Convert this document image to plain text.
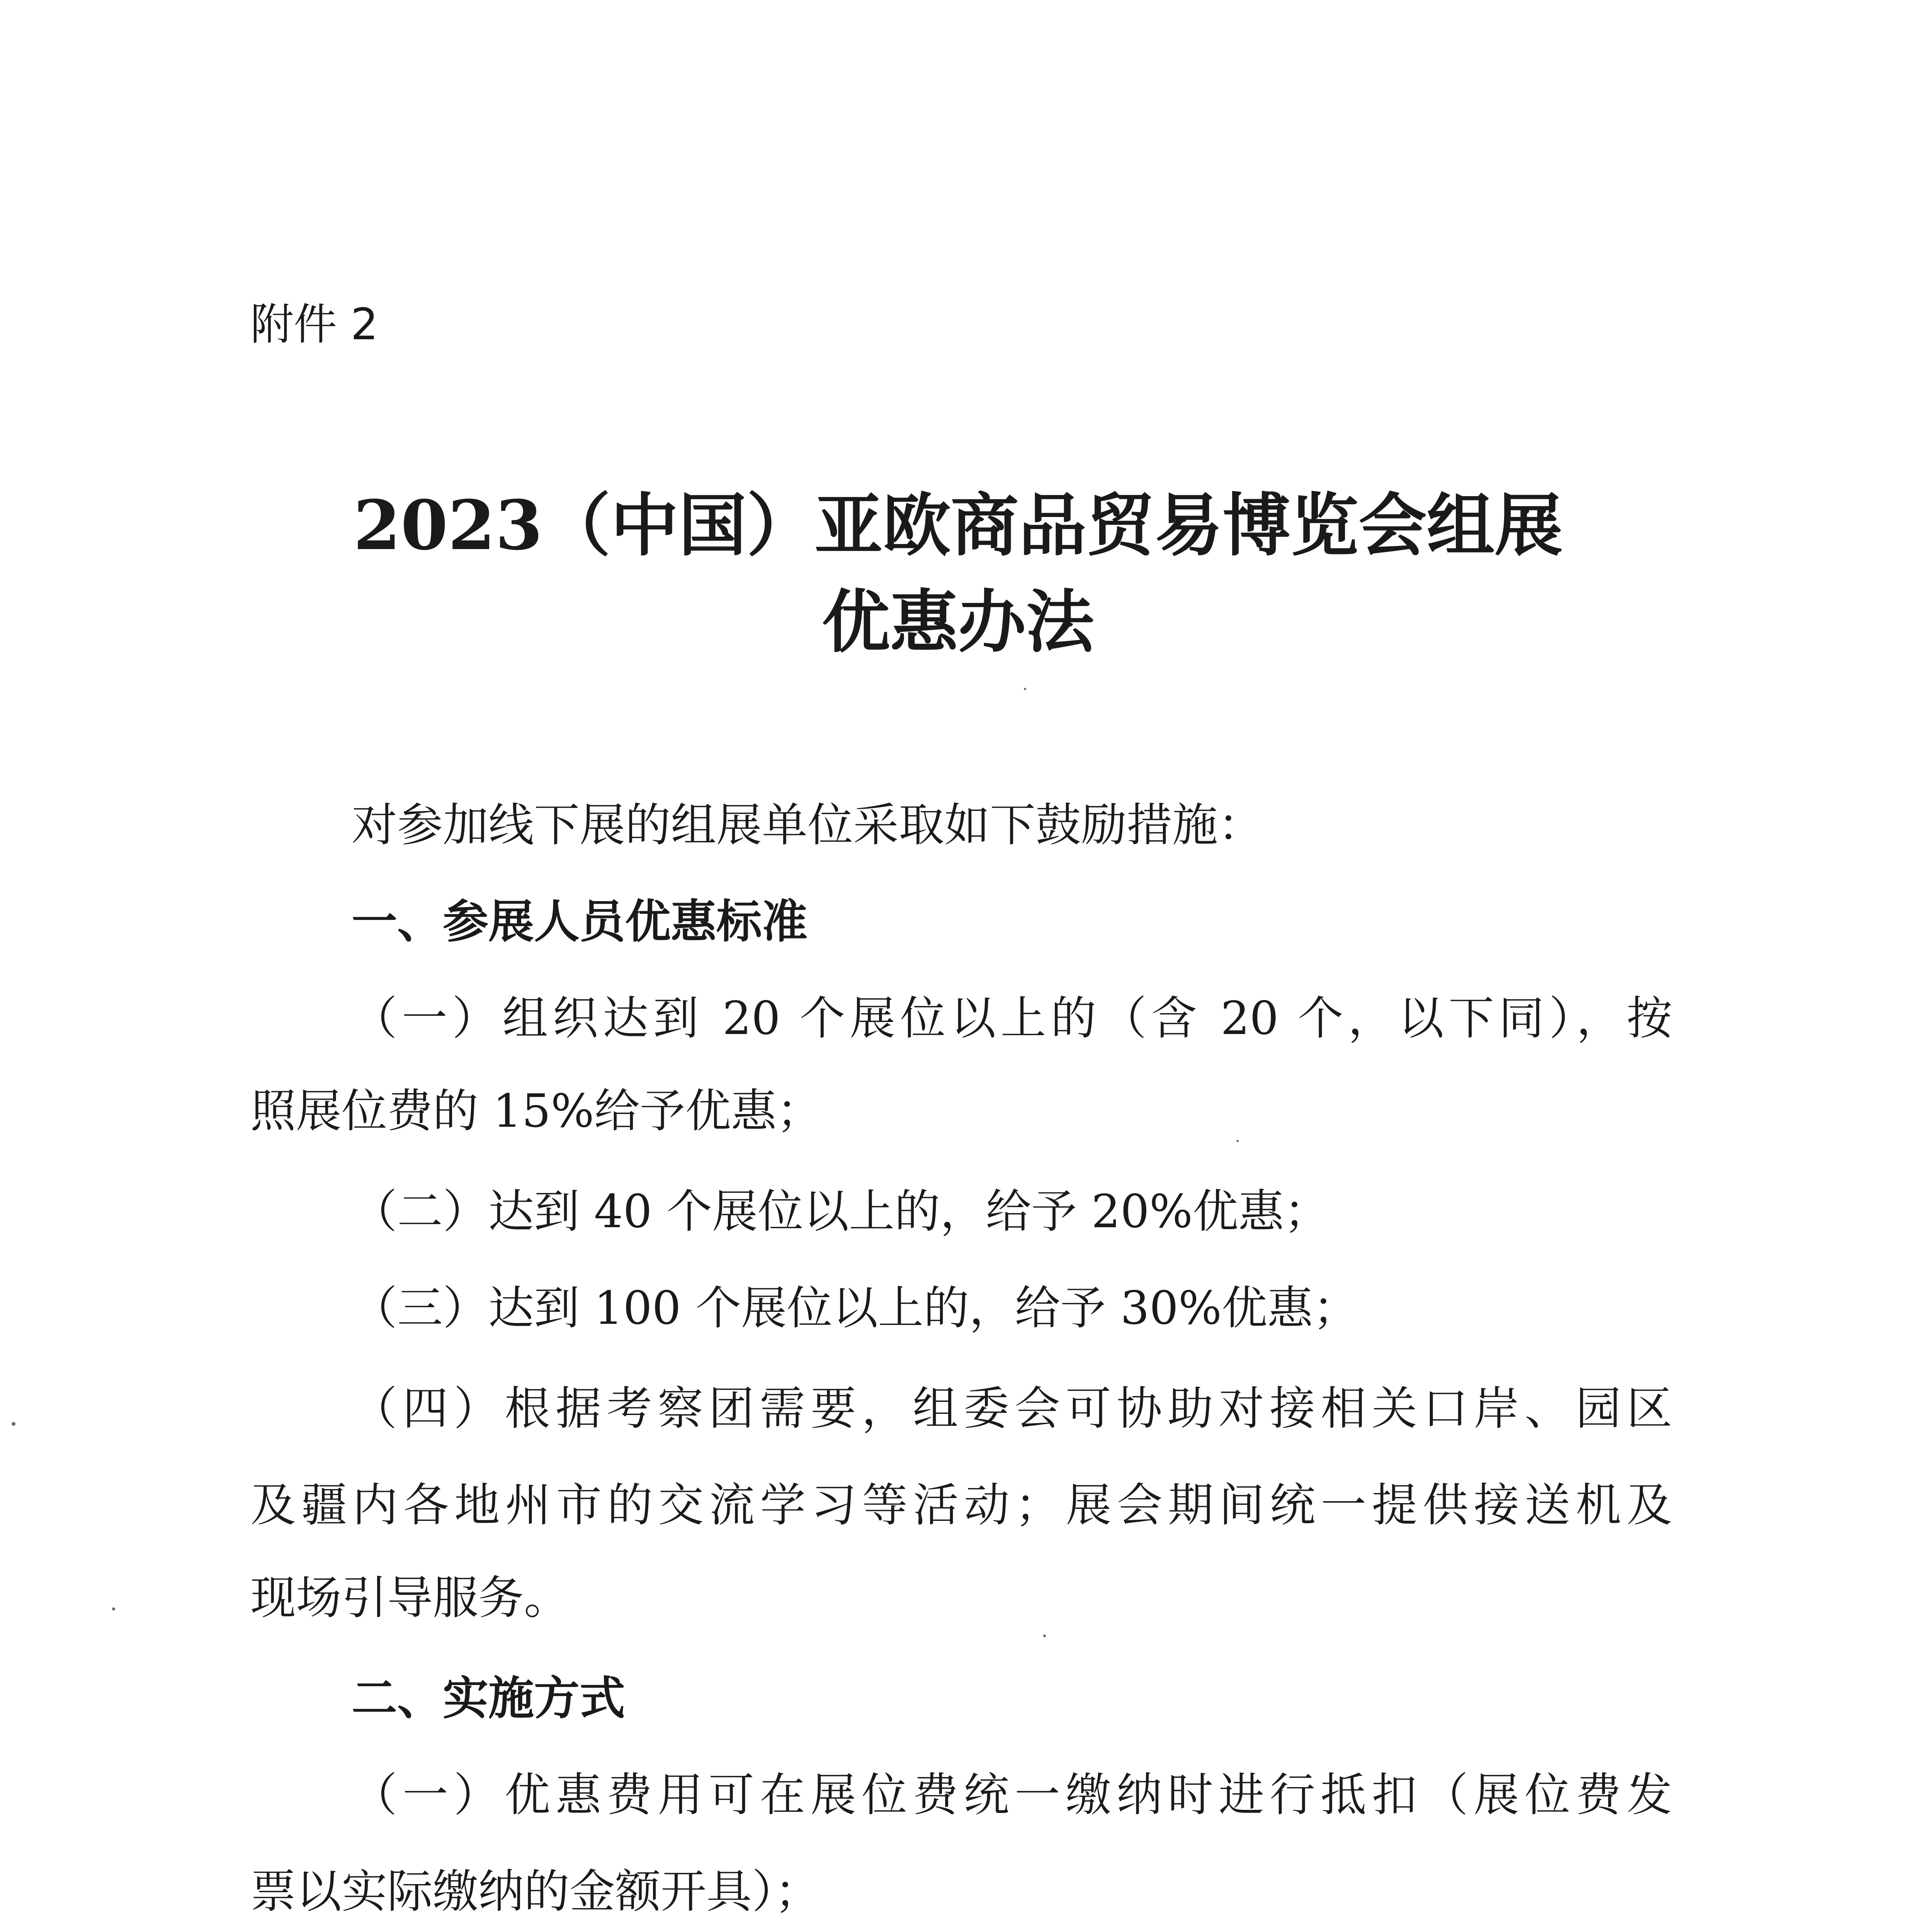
附件 2

2023（中国）亚欧商品贸易博览会组展
优惠办法

对参加线下展的组展单位采取如下鼓励措施：

一、参展人员优惠标准

（一）组织达到 20 个展位以上的（含 20 个，以下同），按

照展位费的 15%给予优惠；

（二）达到 40 个展位以上的，给予 20%优惠；

（三）达到 100 个展位以上的，给予 30%优惠；

（四）根据考察团需要，组委会可协助对接相关口岸、园区

及疆内各地州市的交流学习等活动；展会期间统一提供接送机及

现场引导服务。

二、实施方式

（一）优惠费用可在展位费统一缴纳时进行抵扣（展位费发

票以实际缴纳的金额开具）；
